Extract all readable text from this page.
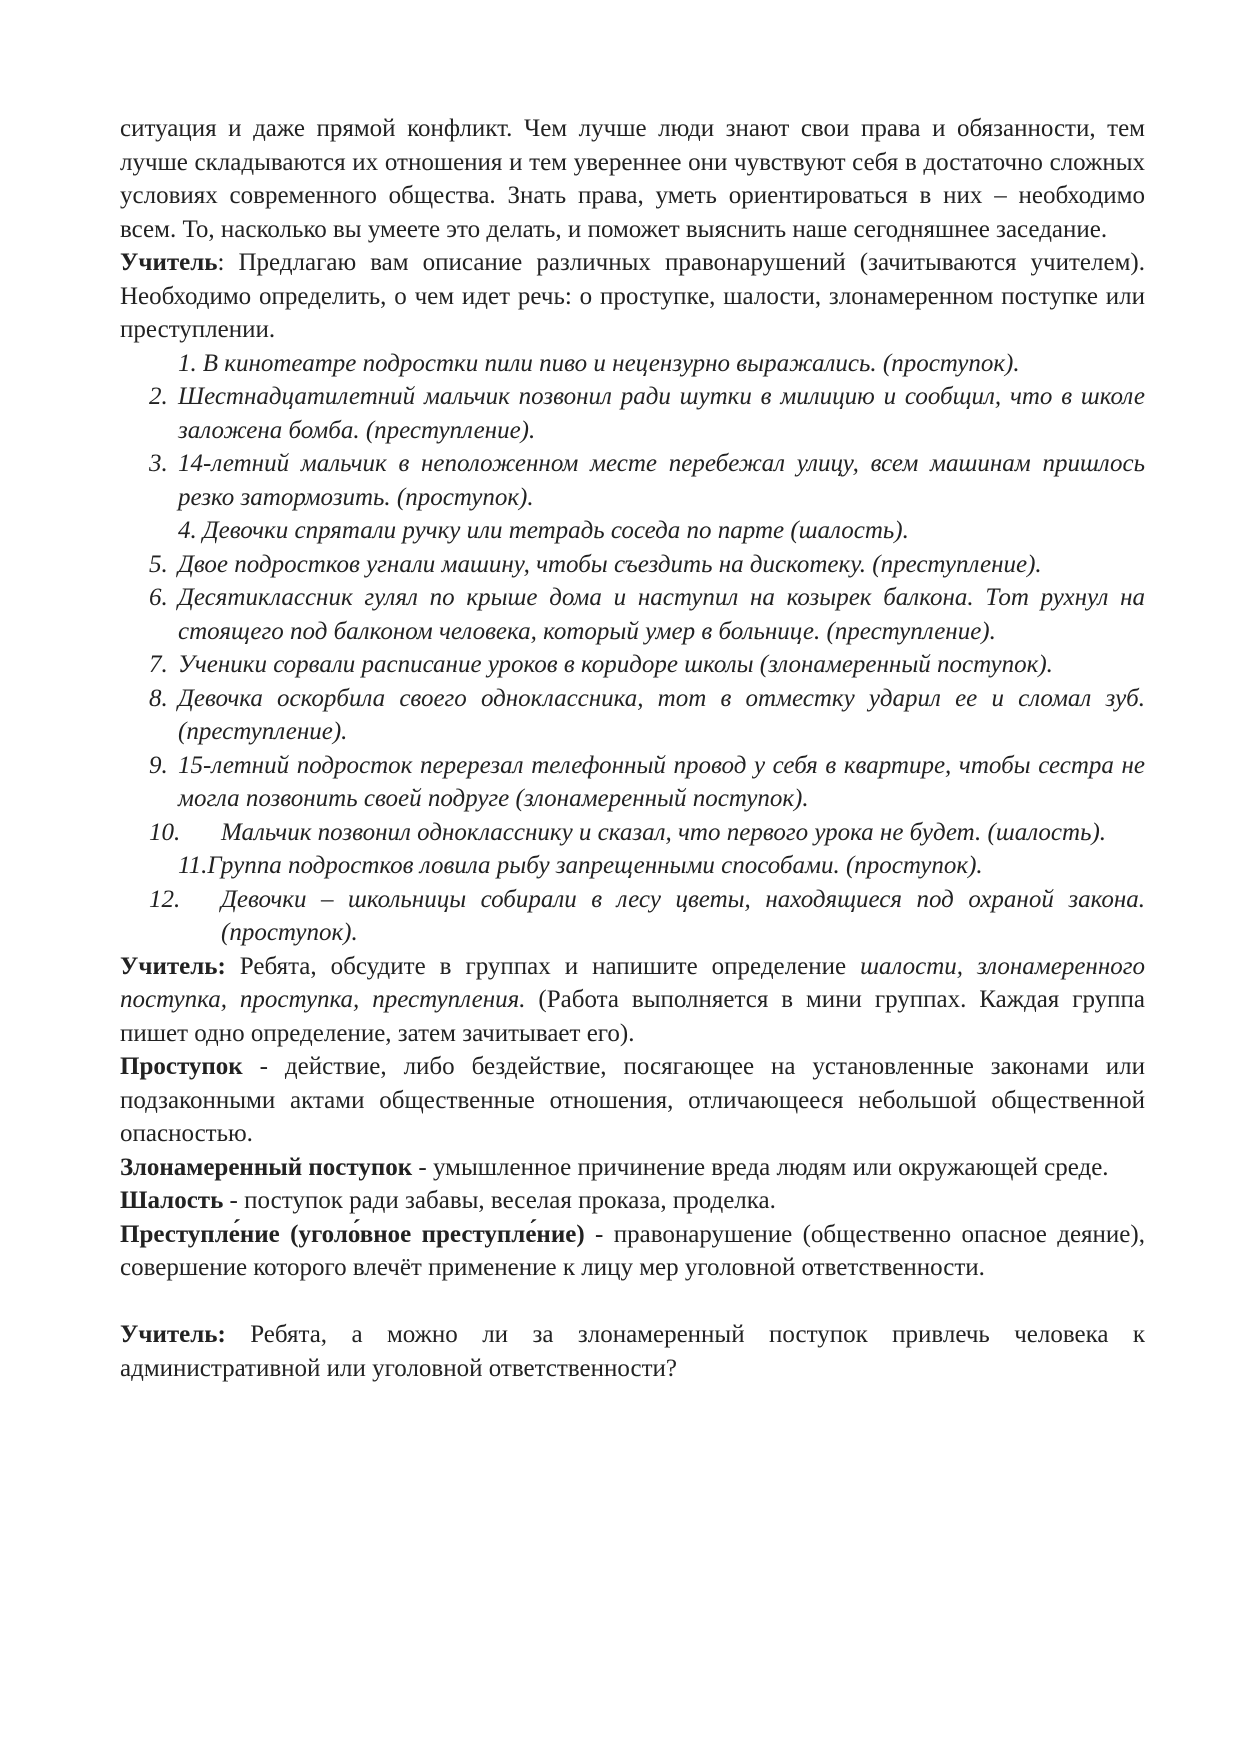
ситуация и даже прямой конфликт. Чем лучше люди знают свои права и обязанности, тем лучше складываются их отношения и тем увереннее они чувствуют себя в достаточно сложных условиях современного общества. Знать права, уметь ориентироваться в них – необходимо всем. То, насколько вы умеете это делать, и поможет выяснить наше сегодняшнее заседание.

Учитель: Предлагаю вам описание различных правонарушений (зачитываются учителем). Необходимо определить, о чем идет речь: о проступке, шалости, злонамеренном поступке или преступлении.

1. В кинотеатре подростки пили пиво и нецензурно выражались. (проступок).
2. Шестнадцатилетний мальчик позвонил ради шутки в милицию и сообщил, что в школе заложена бомба. (преступление).
3. 14-летний мальчик в неположенном месте перебежал улицу, всем машинам пришлось резко затормозить. (проступок).
4. Девочки спрятали ручку или тетрадь соседа по парте (шалость).
5. Двое подростков угнали машину, чтобы съездить на дискотеку. (преступление).
6. Десятиклассник гулял по крыше дома и наступил на козырек балкона. Тот рухнул на стоящего под балконом человека, который умер в больнице. (преступление).
7. Ученики сорвали расписание уроков в коридоре школы (злонамеренный поступок).
8. Девочка оскорбила своего одноклассника, тот в отместку ударил ее и сломал зуб. (преступление).
9. 15-летний подросток перерезал телефонный провод у себя в квартире, чтобы сестра не могла позвонить своей подруге (злонамеренный поступок).
10.	Мальчик позвонил однокласснику и сказал, что первого урока не будет. (шалость).
11. Группа подростков ловила рыбу запрещенными способами. (проступок).
12.	Девочки – школьницы собирали в лесу цветы, находящиеся под охраной закона. (проступок).

Учитель: Ребята, обсудите в группах и напишите определение шалости, злонамеренного поступка, проступка, преступления. (Работа выполняется в мини группах. Каждая группа пишет одно определение, затем зачитывает его).

Проступок - действие, либо бездействие, посягающее на установленные законами или подзаконными актами общественные отношения, отличающееся небольшой общественной опасностью.

Злонамеренный поступок - умышленное причинение вреда людям или окружающей среде.

Шалость - поступок ради забавы, веселая проказа, проделка.

Преступле́ние (уголо́вное преступле́ние) - правонарушение (общественно опасное деяние), совершение которого влечёт применение к лицу мер уголовной ответственности.

Учитель: Ребята, а можно ли за злонамеренный поступок привлечь человека к административной или уголовной ответственности?
